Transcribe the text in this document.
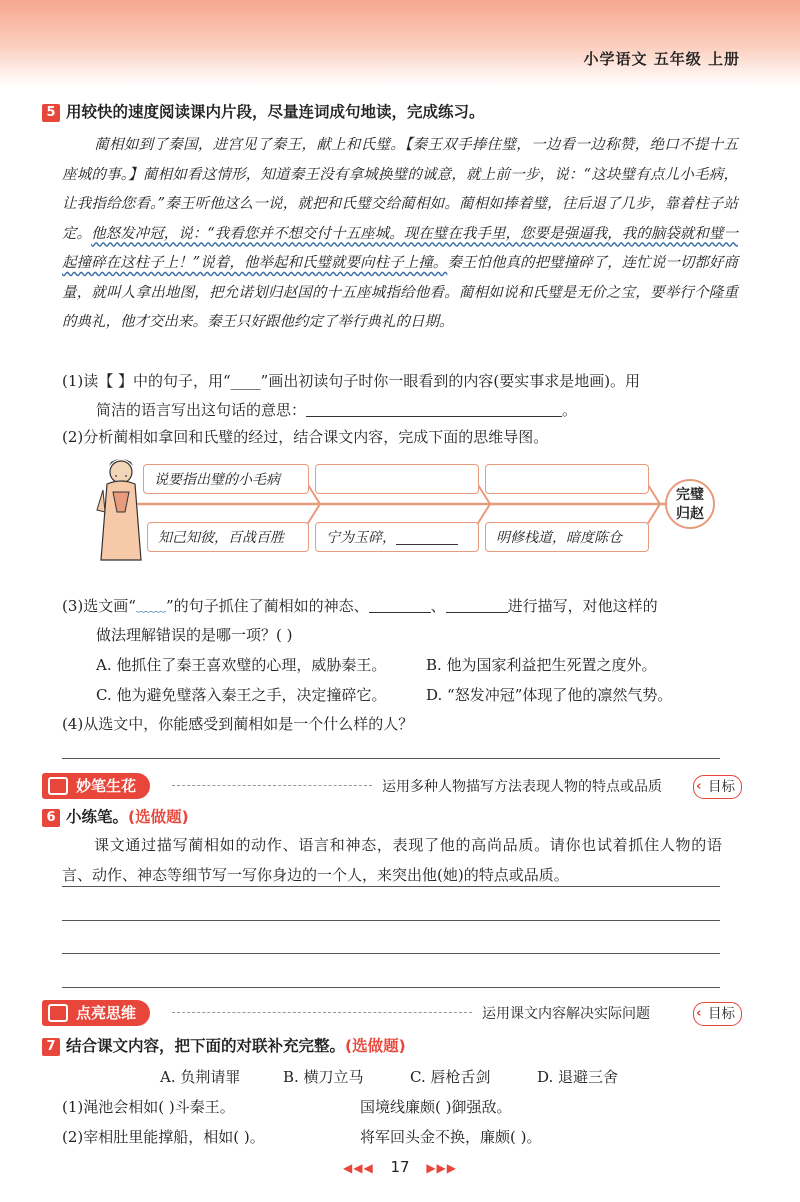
小学语文 五年级 上册
5 用较快的速度阅读课内片段，尽量连词成句地读，完成练习。
蔺相如到了秦国，进宫见了秦王，献上和氏璧。【秦王双手捧住璧，一边看一边称赞，绝口不提十五座城的事。】蔺相如看这情形，知道秦王没有拿城换璧的诚意，就上前一步，说：“这块璧有点儿小毛病，让我指给您看。”秦王听他这么一说，就把和氏璧交给蔺相如。蔺相如捧着璧，往后退了几步，靠着柱子站定。他怒发冲冠，说：“我看您并不想交付十五座城。现在璧在我手里，您要是强逼我，我的脑袋就和璧一起撞碎在这柱子上！”说着，他举起和氏璧就要向柱子上撞。秦王怕他真的把璧撞碎了，连忙说一切都好商量，就叫人拿出地图，把允诺划归赵国的十五座城指给他看。蔺相如说和氏璧是无价之宝，要举行个隆重的典礼，他才交出来。秦王只好跟他约定了举行典礼的日期。
(1)读【 】中的句子，用“____”画出初读句子时你一眼看到的内容(要实事求是地画)。用
简洁的语言写出这句话的意思：	。
(2)分析蔺相如拿回和氏璧的经过，结合课文内容，完成下面的思维导图。
说要指出璧的小毛病
知己知彼，百战百胜	宁为玉碎，	明修栈道，暗度陈仓
完璧
归赵
(3)选文画“﹏﹏”的句子抓住了蔺相如的神态、	、	进行描写，对他这样的
做法理解错误的是哪一项？( )
A. 他抓住了秦王喜欢璧的心理，威胁秦王。	B. 他为国家利益把生死置之度外。
C. 他为避免璧落入秦王之手，决定撞碎它。	D. “怒发冲冠”体现了他的凛然气势。
(4)从选文中，你能感受到蔺相如是一个什么样的人？
妙笔生花	运用多种人物描写方法表现人物的特点或品质	‹ 目标
6 小练笔。(选做题)
课文通过描写蔺相如的动作、语言和神态，表现了他的高尚品质。请你也试着抓住人物的语言、动作、神态等细节写一写你身边的一个人，来突出他(她)的特点或品质。
点亮思维	运用课文内容解决实际问题	‹ 目标
7 结合课文内容，把下面的对联补充完整。(选做题)
A. 负荆请罪	B. 横刀立马	C. 唇枪舌剑	D. 退避三舍
(1)渑池会相如( )斗秦王。	国境线廉颇( )御强敌。
(2)宰相肚里能撑船，相如( )。	将军回头金不换，廉颇( )。
◀◀◀ 17 ▶▶▶
